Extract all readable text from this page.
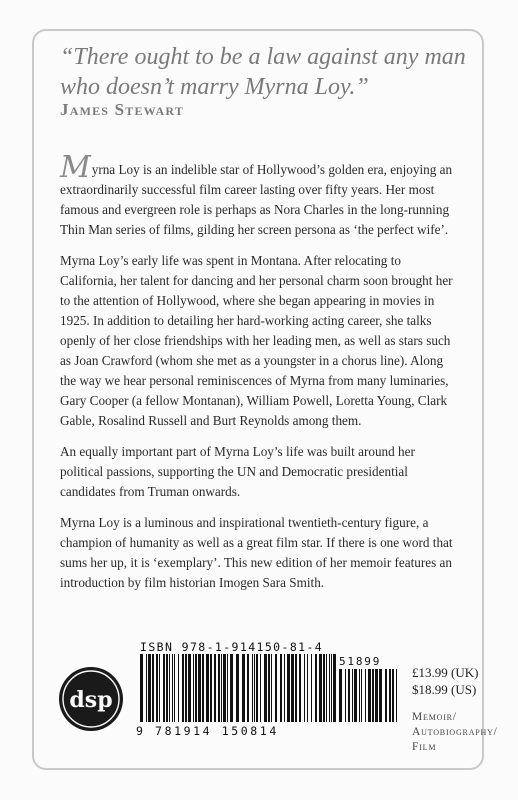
“There ought to be a law against any man who doesn’t marry Myrna Loy.”

James Stewart

Myrna Loy is an indelible star of Hollywood’s golden era, enjoying an extraordinarily successful film career lasting over fifty years. Her most famous and evergreen role is perhaps as Nora Charles in the long-running Thin Man series of films, gilding her screen persona as ‘the perfect wife’.

Myrna Loy’s early life was spent in Montana. After relocating to California, her talent for dancing and her personal charm soon brought her to the attention of Hollywood, where she began appearing in movies in 1925. In addition to detailing her hard-working acting career, she talks openly of her close friendships with her leading men, as well as stars such as Joan Crawford (whom she met as a youngster in a chorus line). Along the way we hear personal reminiscences of Myrna from many luminaries, Gary Cooper (a fellow Montanan), William Powell, Loretta Young, Clark Gable, Rosalind Russell and Burt Reynolds among them.

An equally important part of Myrna Loy’s life was built around her political passions, supporting the UN and Democratic presidential candidates from Truman onwards.

Myrna Loy is a luminous and inspirational twentieth-century figure, a champion of humanity as well as a great film star. If there is one word that sums her up, it is ‘exemplary’. This new edition of her memoir features an introduction by film historian Imogen Sara Smith.

ISBN 978-1-914150-81-4
51899
9 781914 150814
dsp
£13.99 (UK)
$18.99 (US)
Memoir/
Autobiography/
Film
